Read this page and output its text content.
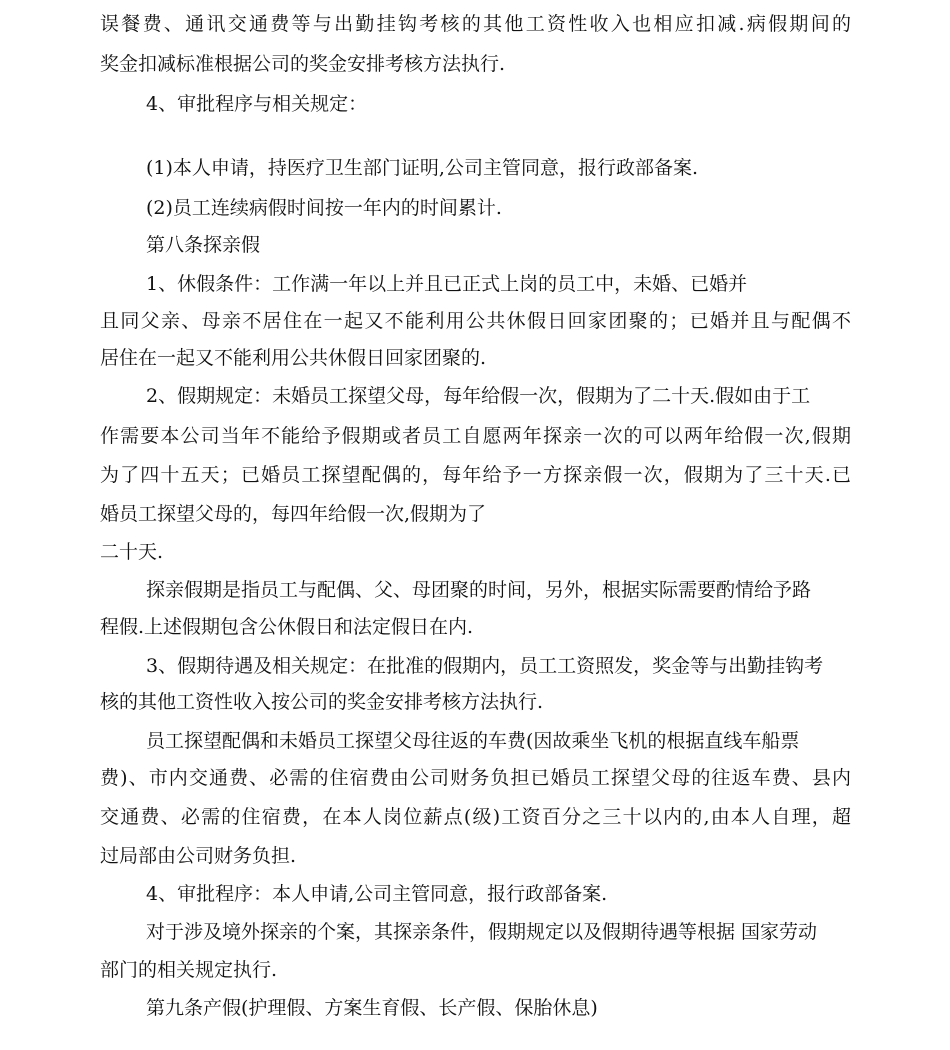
误餐费、通讯交通费等与出勤挂钩考核的其他工资性收入也相应扣减.病假期间的
奖金扣减标准根据公司的奖金安排考核方法执行.
4、审批程序与相关规定：
(1)本人申请，持医疗卫生部门证明,公司主管同意，报行政部备案.
(2)员工连续病假时间按一年内的时间累计.
第八条探亲假
1、休假条件：工作满一年以上并且已正式上岗的员工中，未婚、已婚并
且同父亲、母亲不居住在一起又不能利用公共休假日回家团聚的；已婚并且与配偶不
居住在一起又不能利用公共休假日回家团聚的.
2、假期规定：未婚员工探望父母，每年给假一次，假期为了二十天.假如由于工
作需要本公司当年不能给予假期或者员工自愿两年探亲一次的可以两年给假一次,假期
为了四十五天；已婚员工探望配偶的，每年给予一方探亲假一次，假期为了三十天.已
婚员工探望父母的，每四年给假一次,假期为了
二十天.
探亲假期是指员工与配偶、父、母团聚的时间，另外，根据实际需要酌情给予路
程假.上述假期包含公休假日和法定假日在内.
3、假期待遇及相关规定：在批准的假期内，员工工资照发，奖金等与出勤挂钩考
核的其他工资性收入按公司的奖金安排考核方法执行.
员工探望配偶和未婚员工探望父母往返的车费(因故乘坐飞机的根据直线车船票
费)、市内交通费、必需的住宿费由公司财务负担已婚员工探望父母的往返车费、县内
交通费、必需的住宿费，在本人岗位薪点(级)工资百分之三十以内的,由本人自理，超
过局部由公司财务负担.
4、审批程序：本人申请,公司主管同意，报行政部备案.
对于涉及境外探亲的个案，其探亲条件，假期规定以及假期待遇等根据 国家劳动
部门的相关规定执行.
第九条产假(护理假、方案生育假、长产假、保胎休息)
